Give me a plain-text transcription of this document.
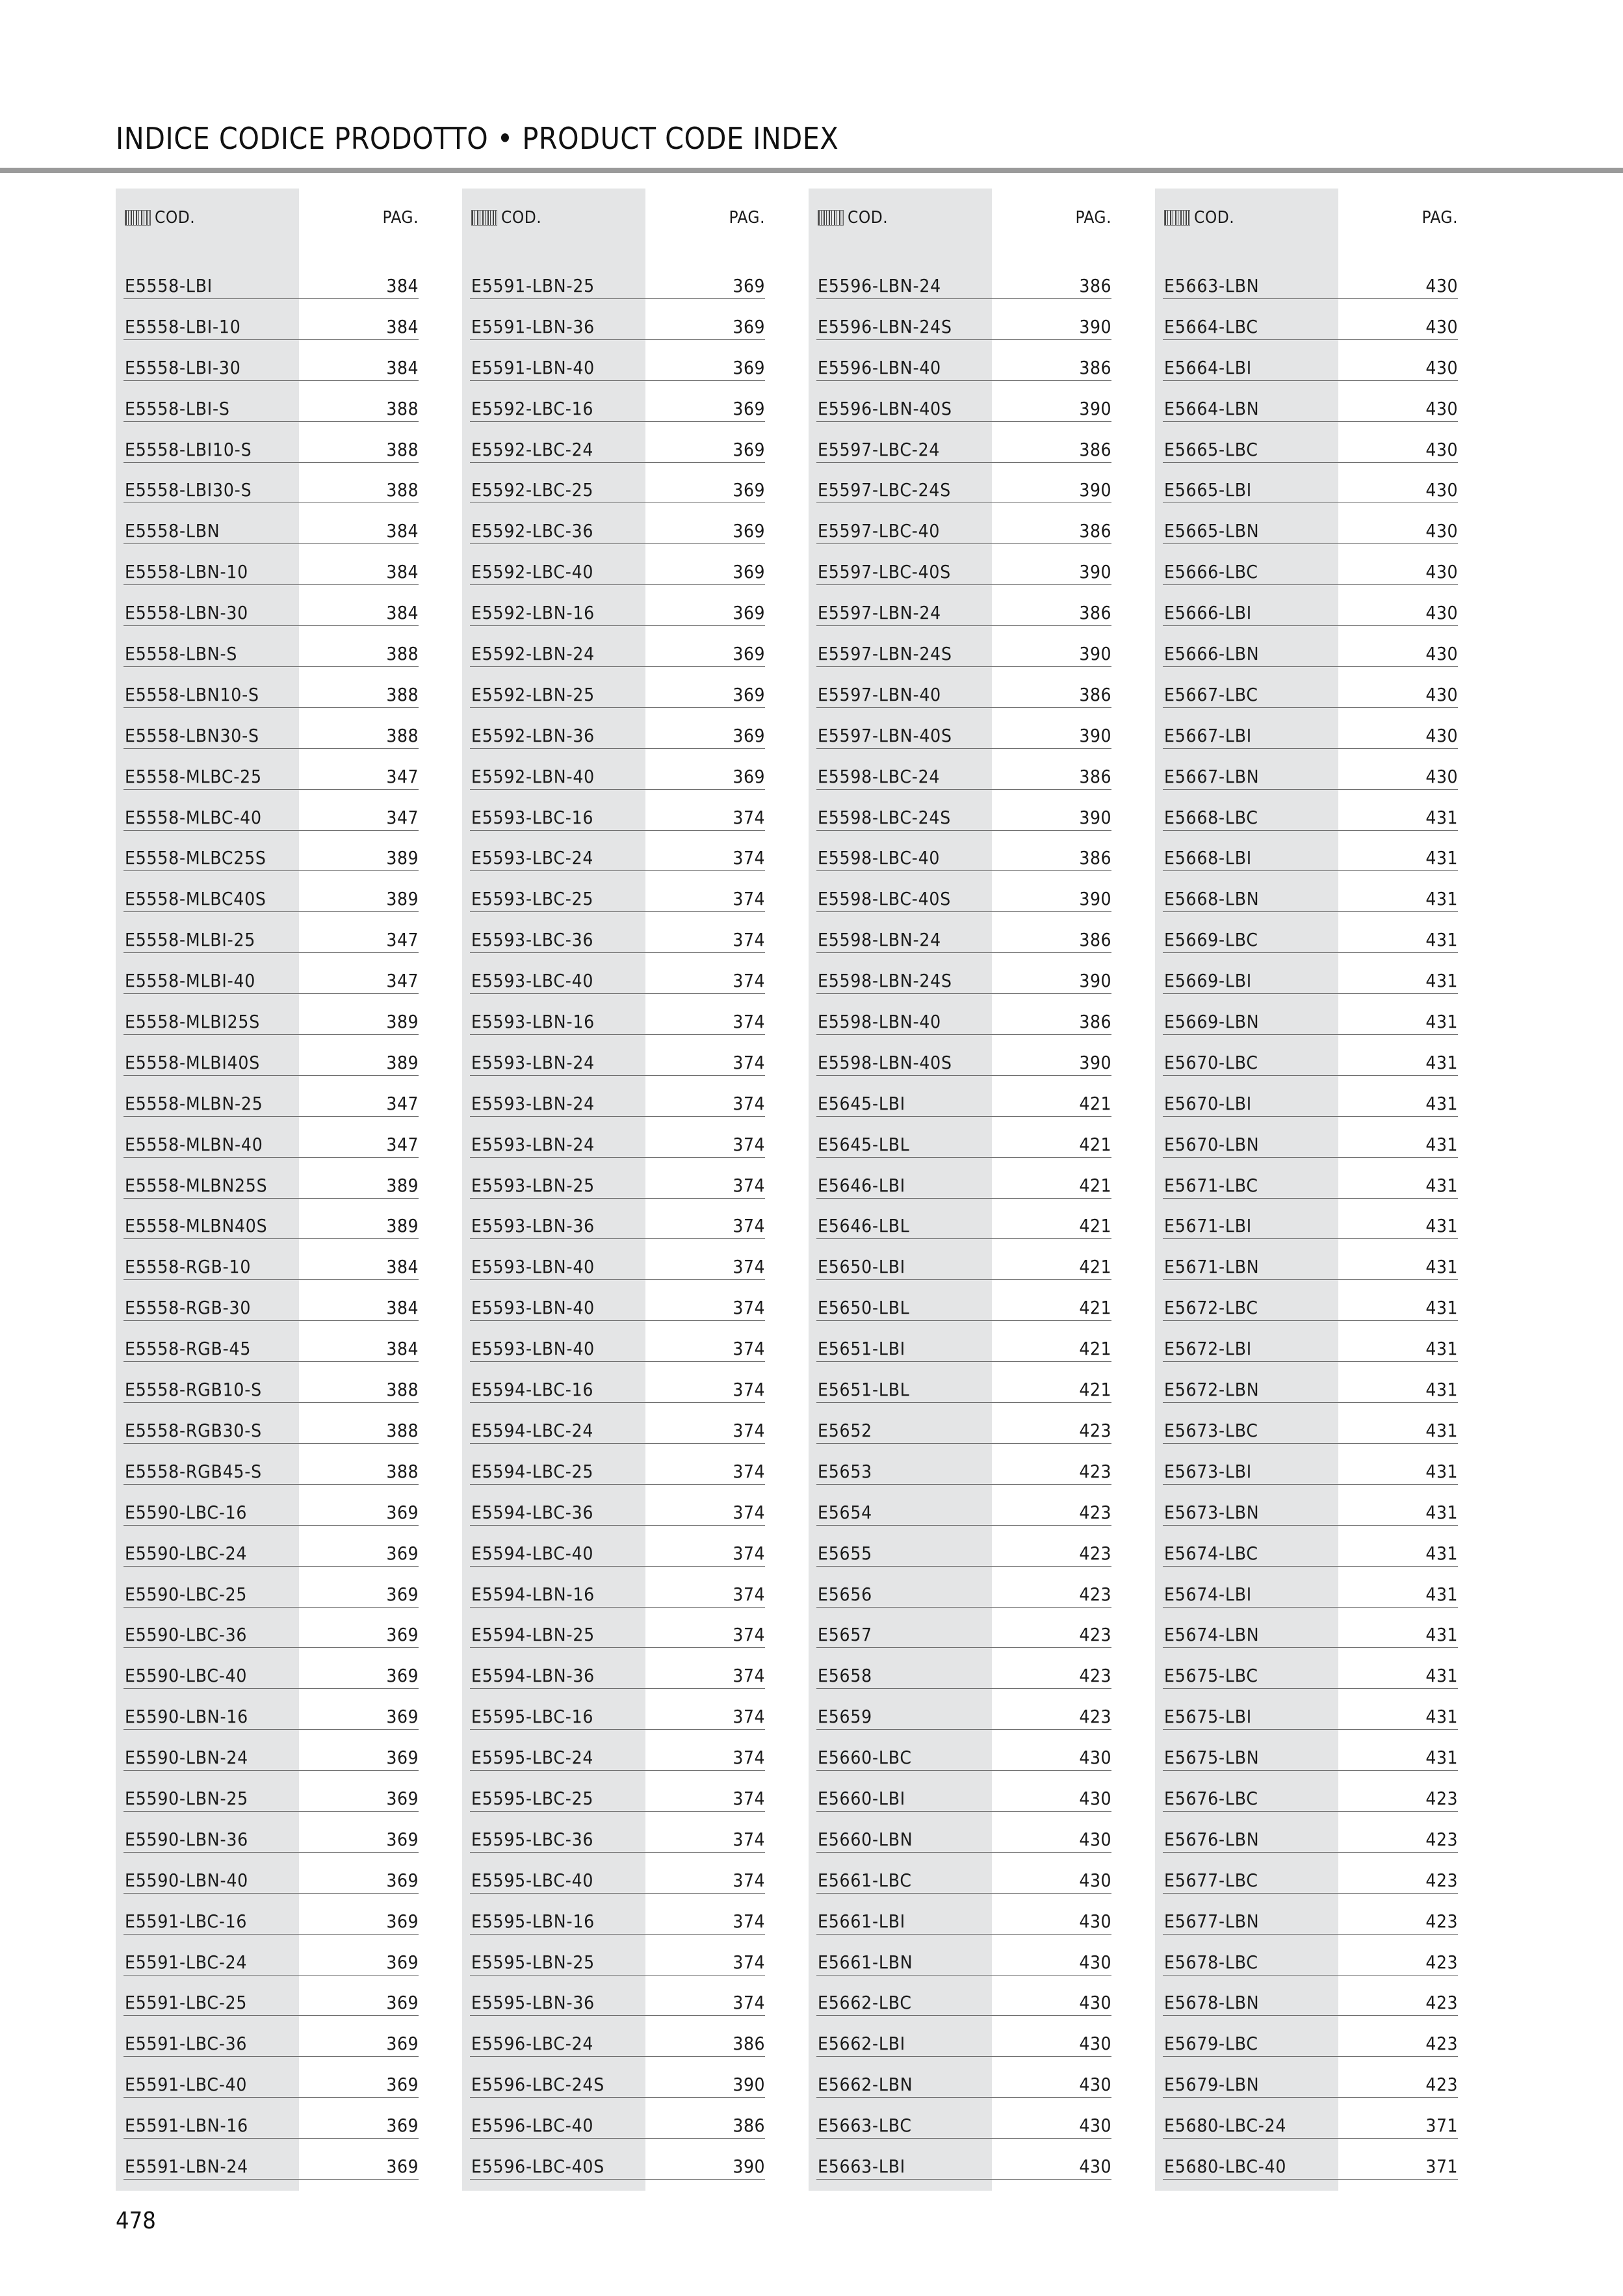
INDICE CODICE PRODOTTO • PRODUCT CODE INDEX
COD.	PAG.
E5558-LBI	384
E5558-LBI-10	384
E5558-LBI-30	384
E5558-LBI-S	388
E5558-LBI10-S	388
E5558-LBI30-S	388
E5558-LBN	384
E5558-LBN-10	384
E5558-LBN-30	384
E5558-LBN-S	388
E5558-LBN10-S	388
E5558-LBN30-S	388
E5558-MLBC-25	347
E5558-MLBC-40	347
E5558-MLBC25S	389
E5558-MLBC40S	389
E5558-MLBI-25	347
E5558-MLBI-40	347
E5558-MLBI25S	389
E5558-MLBI40S	389
E5558-MLBN-25	347
E5558-MLBN-40	347
E5558-MLBN25S	389
E5558-MLBN40S	389
E5558-RGB-10	384
E5558-RGB-30	384
E5558-RGB-45	384
E5558-RGB10-S	388
E5558-RGB30-S	388
E5558-RGB45-S	388
E5590-LBC-16	369
E5590-LBC-24	369
E5590-LBC-25	369
E5590-LBC-36	369
E5590-LBC-40	369
E5590-LBN-16	369
E5590-LBN-24	369
E5590-LBN-25	369
E5590-LBN-36	369
E5590-LBN-40	369
E5591-LBC-16	369
E5591-LBC-24	369
E5591-LBC-25	369
E5591-LBC-36	369
E5591-LBC-40	369
E5591-LBN-16	369
E5591-LBN-24	369
COD.	PAG.
E5591-LBN-25	369
E5591-LBN-36	369
E5591-LBN-40	369
E5592-LBC-16	369
E5592-LBC-24	369
E5592-LBC-25	369
E5592-LBC-36	369
E5592-LBC-40	369
E5592-LBN-16	369
E5592-LBN-24	369
E5592-LBN-25	369
E5592-LBN-36	369
E5592-LBN-40	369
E5593-LBC-16	374
E5593-LBC-24	374
E5593-LBC-25	374
E5593-LBC-36	374
E5593-LBC-40	374
E5593-LBN-16	374
E5593-LBN-24	374
E5593-LBN-24	374
E5593-LBN-24	374
E5593-LBN-25	374
E5593-LBN-36	374
E5593-LBN-40	374
E5593-LBN-40	374
E5593-LBN-40	374
E5594-LBC-16	374
E5594-LBC-24	374
E5594-LBC-25	374
E5594-LBC-36	374
E5594-LBC-40	374
E5594-LBN-16	374
E5594-LBN-25	374
E5594-LBN-36	374
E5595-LBC-16	374
E5595-LBC-24	374
E5595-LBC-25	374
E5595-LBC-36	374
E5595-LBC-40	374
E5595-LBN-16	374
E5595-LBN-25	374
E5595-LBN-36	374
E5596-LBC-24	386
E5596-LBC-24S	390
E5596-LBC-40	386
E5596-LBC-40S	390
COD.	PAG.
E5596-LBN-24	386
E5596-LBN-24S	390
E5596-LBN-40	386
E5596-LBN-40S	390
E5597-LBC-24	386
E5597-LBC-24S	390
E5597-LBC-40	386
E5597-LBC-40S	390
E5597-LBN-24	386
E5597-LBN-24S	390
E5597-LBN-40	386
E5597-LBN-40S	390
E5598-LBC-24	386
E5598-LBC-24S	390
E5598-LBC-40	386
E5598-LBC-40S	390
E5598-LBN-24	386
E5598-LBN-24S	390
E5598-LBN-40	386
E5598-LBN-40S	390
E5645-LBI	421
E5645-LBL	421
E5646-LBI	421
E5646-LBL	421
E5650-LBI	421
E5650-LBL	421
E5651-LBI	421
E5651-LBL	421
E5652	423
E5653	423
E5654	423
E5655	423
E5656	423
E5657	423
E5658	423
E5659	423
E5660-LBC	430
E5660-LBI	430
E5660-LBN	430
E5661-LBC	430
E5661-LBI	430
E5661-LBN	430
E5662-LBC	430
E5662-LBI	430
E5662-LBN	430
E5663-LBC	430
E5663-LBI	430
COD.	PAG.
E5663-LBN	430
E5664-LBC	430
E5664-LBI	430
E5664-LBN	430
E5665-LBC	430
E5665-LBI	430
E5665-LBN	430
E5666-LBC	430
E5666-LBI	430
E5666-LBN	430
E5667-LBC	430
E5667-LBI	430
E5667-LBN	430
E5668-LBC	431
E5668-LBI	431
E5668-LBN	431
E5669-LBC	431
E5669-LBI	431
E5669-LBN	431
E5670-LBC	431
E5670-LBI	431
E5670-LBN	431
E5671-LBC	431
E5671-LBI	431
E5671-LBN	431
E5672-LBC	431
E5672-LBI	431
E5672-LBN	431
E5673-LBC	431
E5673-LBI	431
E5673-LBN	431
E5674-LBC	431
E5674-LBI	431
E5674-LBN	431
E5675-LBC	431
E5675-LBI	431
E5675-LBN	431
E5676-LBC	423
E5676-LBN	423
E5677-LBC	423
E5677-LBN	423
E5678-LBC	423
E5678-LBN	423
E5679-LBC	423
E5679-LBN	423
E5680-LBC-24	371
E5680-LBC-40	371
478
